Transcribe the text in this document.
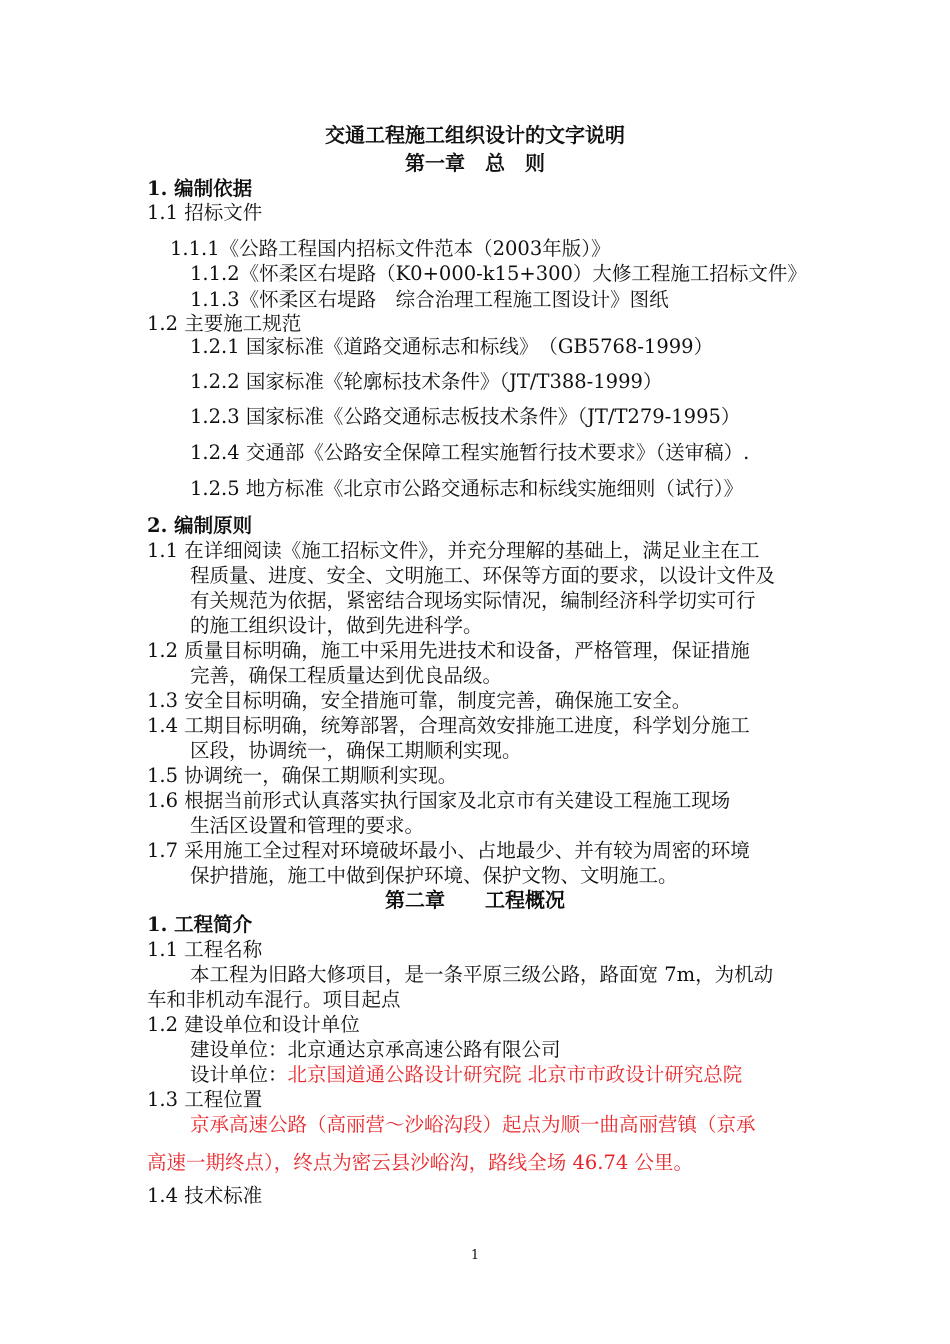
交通工程施工组织设计的文字说明
第一章　总　则
1. 编制依据
1.1 招标文件
1.1.1《公路工程国内招标文件范本（2003年版）》
1.1.2《怀柔区右堤路（K0+000-k15+300）大修工程施工招标文件》
1.1.3《怀柔区右堤路　综合治理工程施工图设计》图纸
1.2 主要施工规范
1.2.1 国家标准《道路交通标志和标线》　（GB5768-1999）
1.2.2 国家标准《轮廓标技术条件》（JT/T388-1999）
1.2.3 国家标准《公路交通标志板技术条件》（JT/T279-1995）
1.2.4 交通部《公路安全保障工程实施暂行技术要求》（送审稿）.
1.2.5 地方标准《北京市公路交通标志和标线实施细则（试行）》
2. 编制原则
1.1 在详细阅读《施工招标文件》，并充分理解的基础上，满足业主在工
程质量、进度、安全、文明施工、环保等方面的要求，以设计文件及
有关规范为依据，紧密结合现场实际情况，编制经济科学切实可行
的施工组织设计，做到先进科学。
1.2 质量目标明确，施工中采用先进技术和设备，严格管理，保证措施
完善，确保工程质量达到优良品级。
1.3 安全目标明确，安全措施可靠，制度完善，确保施工安全。
1.4 工期目标明确，统筹部署，合理高效安排施工进度，科学划分施工
区段，协调统一，确保工期顺利实现。
1.5 协调统一，确保工期顺利实现。
1.6 根据当前形式认真落实执行国家及北京市有关建设工程施工现场
生活区设置和管理的要求。
1.7 采用施工全过程对环境破坏最小、占地最少、并有较为周密的环境
保护措施，施工中做到保护环境、保护文物、文明施工。
第二章　　工程概况
1. 工程简介
1.1 工程名称
本工程为旧路大修项目，是一条平原三级公路，路面宽 7m，为机动
车和非机动车混行。项目起点
1.2 建设单位和设计单位
建设单位：北京通达京承高速公路有限公司
设计单位：北京国道通公路设计研究院 北京市市政设计研究总院
1.3 工程位置
京承高速公路（高丽营～沙峪沟段）起点为顺一曲高丽营镇（京承
高速一期终点），终点为密云县沙峪沟，路线全场 46.74 公里。
1.4 技术标准
1
